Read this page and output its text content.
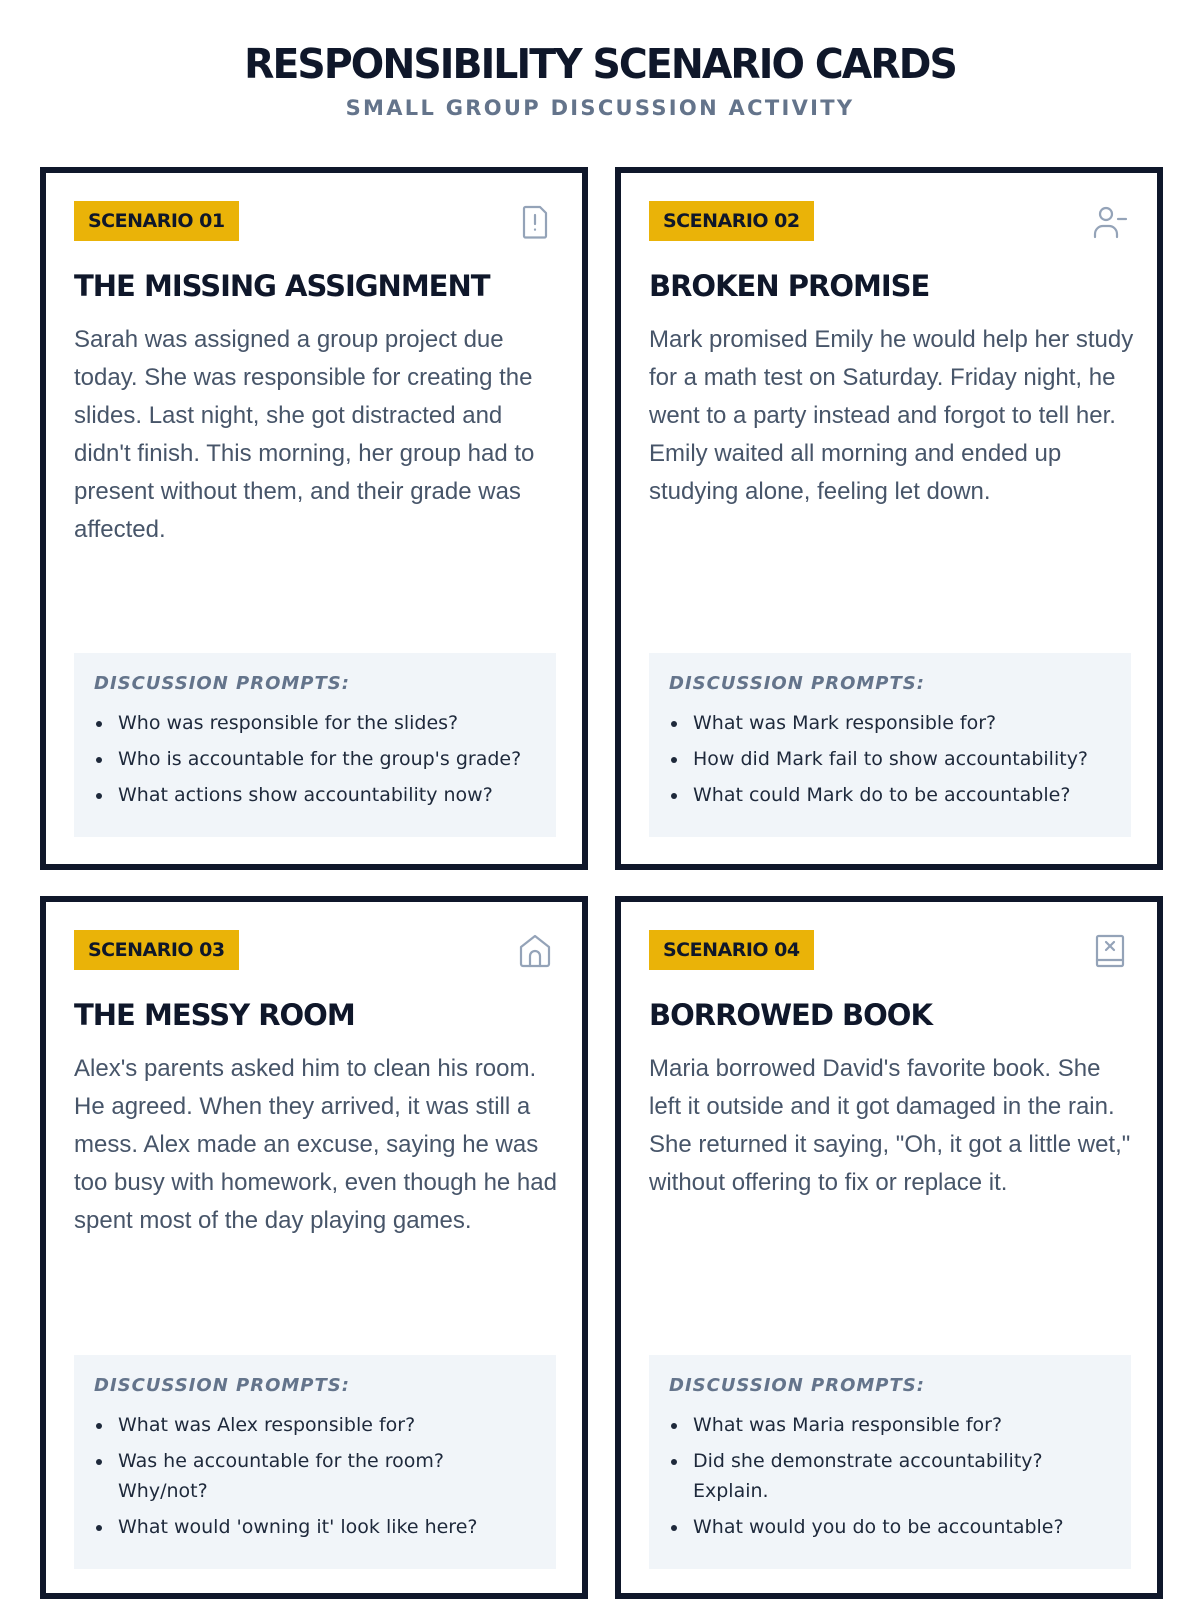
RESPONSIBILITY SCENARIO CARDS
SMALL GROUP DISCUSSION ACTIVITY
SCENARIO 01
THE MISSING ASSIGNMENT
Sarah was assigned a group project due today. She was responsible for creating the slides. Last night, she got distracted and didn't finish. This morning, her group had to present without them, and their grade was affected.
DISCUSSION PROMPTS:
Who was responsible for the slides?
Who is accountable for the group's grade?
What actions show accountability now?
SCENARIO 02
BROKEN PROMISE
Mark promised Emily he would help her study for a math test on Saturday. Friday night, he went to a party instead and forgot to tell her. Emily waited all morning and ended up studying alone, feeling let down.
DISCUSSION PROMPTS:
What was Mark responsible for?
How did Mark fail to show accountability?
What could Mark do to be accountable?
SCENARIO 03
THE MESSY ROOM
Alex's parents asked him to clean his room. He agreed. When they arrived, it was still a mess. Alex made an excuse, saying he was too busy with homework, even though he had spent most of the day playing games.
DISCUSSION PROMPTS:
What was Alex responsible for?
Was he accountable for the room? Why/not?
What would 'owning it' look like here?
SCENARIO 04
BORROWED BOOK
Maria borrowed David's favorite book. She left it outside and it got damaged in the rain. She returned it saying, "Oh, it got a little wet," without offering to fix or replace it.
DISCUSSION PROMPTS:
What was Maria responsible for?
Did she demonstrate accountability? Explain.
What would you do to be accountable?
